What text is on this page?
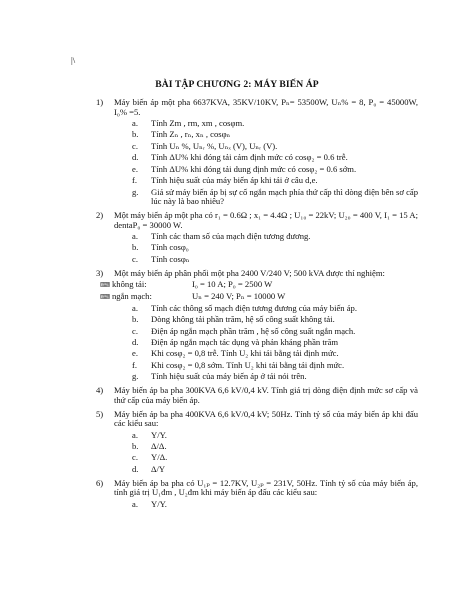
|\
BÀI TẬP CHƯƠNG 2: MÁY BIẾN ÁP
1) Máy biến áp một pha 6637KVA, 35KV/10KV, Pₙ= 53500W, Uₙ% = 8, P₀ = 45000W, I₀% =5.
a. Tính Zm , rm, xm , cosφm.
b. Tính Zₙ , rₙ, xₙ , cosφₙ
c. Tính Uₙ %, Uₙᵣ %, Uₙₓ (V), Uₙᵣ (V).
d. Tính ΔU% khi đóng tải cảm định mức có cosφ₂ = 0.6 trễ.
e. Tính ΔU% khi đóng tải dung định mức có cosφ₂ = 0.6 sớm.
f. Tính hiệu suất của máy biến áp khi tải ở câu d,e.
g. Giả sử máy biến áp bị sự cố ngắn mạch phía thứ cấp thì dòng điện bên sơ cấp lúc này là bao nhiêu?
2) Một máy biến áp một pha có r₁ = 0.6Ω ; x₁ = 4.4Ω ; U₁₀ = 22kV; U₂₀ = 400 V, I₁ = 15 A; dentaP₀ = 30000 W.
a. Tính các tham số của mạch điện tương đương.
b. Tính cosφ₀
c. Tính cosφₙ
3) Một máy biến áp phân phối một pha 2400 V/240 V; 500 kVA được thí nghiệm:
⌨ không tải:	I₀ = 10 A; P₀ = 2500 W
⌨ ngắn mạch:	Uₙ = 240 V; Pₙ = 10000 W
a. Tính các thông số mạch điện tương đương của máy biến áp.
b. Dòng không tải phần trăm, hệ số công suất không tải.
c. Điện áp ngắn mạch phần trăm , hệ số công suất ngắn mạch.
d. Điện áp ngắn mạch tác dụng và phản kháng phần trăm
e. Khi cosφ₂ = 0,8 trễ. Tính U₂ khi tải bằng tải định mức.
f. Khi cosφ₂ = 0,8 sớm. Tính U₂ khi tải bằng tải định mức.
g. Tính hiệu suất của máy biến áp ở tải nói trên.
4) Máy biến áp ba pha 300KVA 6,6 kV/0,4 kV. Tính giá trị dòng điện định mức sơ cấp và thứ cấp của máy biến áp.
5) Máy biến áp ba pha 400KVA 6,6 kV/0,4 kV; 50Hz. Tính tỷ số của máy biến áp khi đấu các kiểu sau:
a. Y/Y.
b. Δ/Δ.
c. Y/Δ.
d. Δ/Y
6) Máy biến áp ba pha có U₁ₚ = 12.7KV, U₂ₚ = 231V, 50Hz. Tính tỷ số của máy biến áp, tính giá trị U₁đm , U₂đm khi máy biến áp đấu các kiểu sau:
a. Y/Y.
